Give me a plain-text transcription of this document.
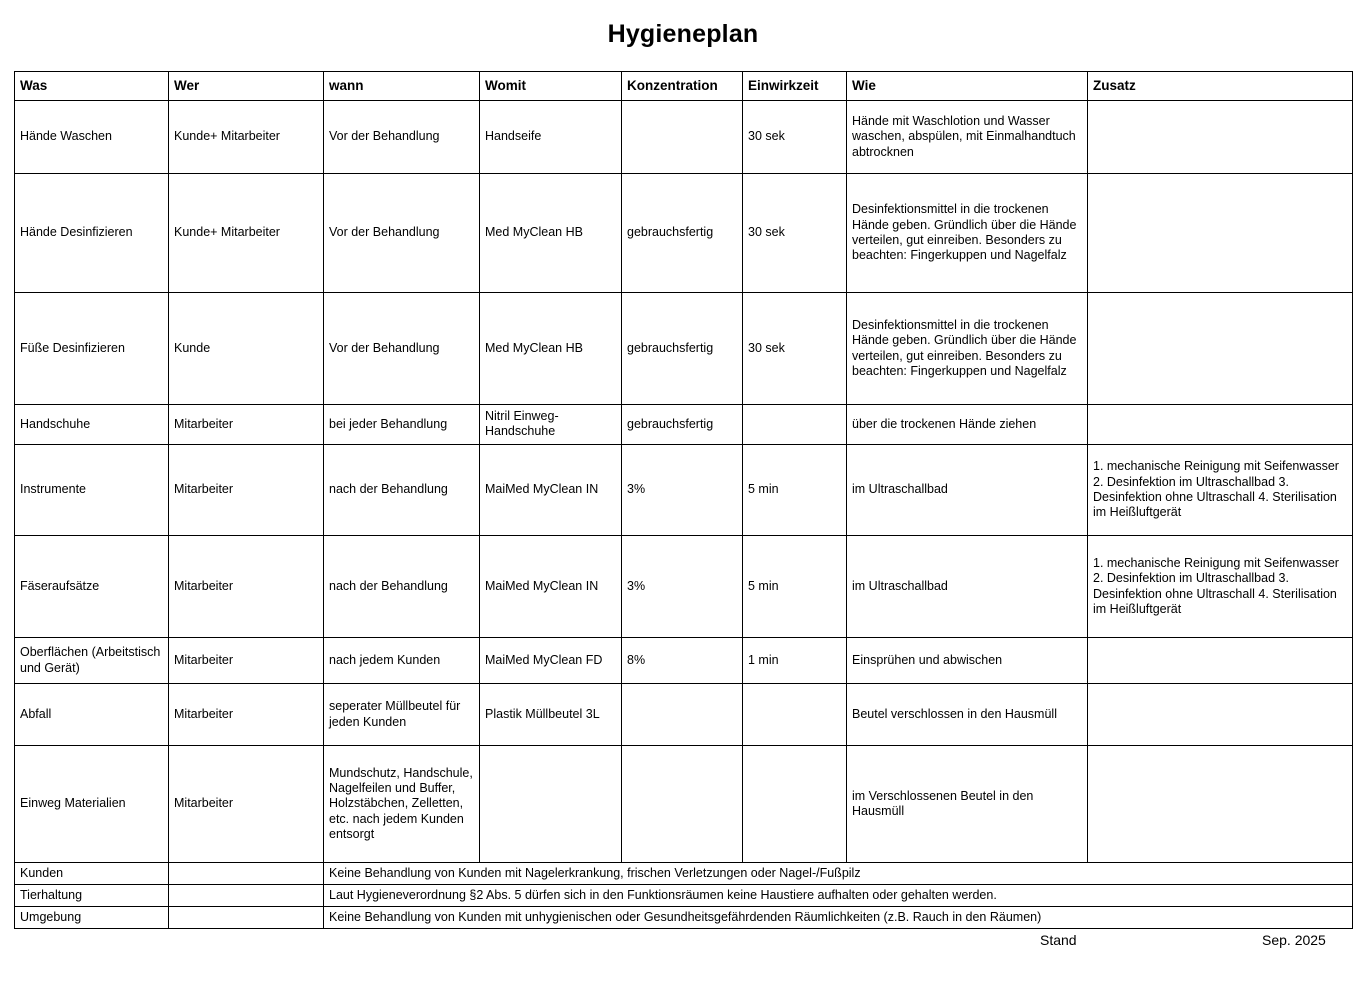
Hygieneplan
Was	Wer	wann	Womit	Konzentration	Einwirkzeit	Wie	Zusatz
Hände Waschen	Kunde+ Mitarbeiter	Vor der Behandlung	Handseife		30 sek	Hände mit Waschlotion und Wasser waschen, abspülen, mit Einmalhandtuch abtrocknen	
Hände Desinfizieren	Kunde+ Mitarbeiter	Vor der Behandlung	Med MyClean HB	gebrauchsfertig	30 sek	Desinfektionsmittel in die trockenen Hände geben. Gründlich über die Hände verteilen, gut einreiben. Besonders zu beachten: Fingerkuppen und Nagelfalz	
Füße Desinfizieren	Kunde	Vor der Behandlung	Med MyClean HB	gebrauchsfertig	30 sek	Desinfektionsmittel in die trockenen Hände geben. Gründlich über die Hände verteilen, gut einreiben. Besonders zu beachten: Fingerkuppen und Nagelfalz	
Handschuhe	Mitarbeiter	bei jeder Behandlung	Nitril Einweg-Handschuhe	gebrauchsfertig		über die trockenen Hände ziehen	
Instrumente	Mitarbeiter	nach der Behandlung	MaiMed MyClean IN	3%	5 min	im Ultraschallbad	1. mechanische Reinigung mit Seifenwasser 2. Desinfektion im Ultraschallbad 3. Desinfektion ohne Ultraschall 4. Sterilisation im Heißluftgerät
Fäseraufsätze	Mitarbeiter	nach der Behandlung	MaiMed MyClean IN	3%	5 min	im Ultraschallbad	1. mechanische Reinigung mit Seifenwasser 2. Desinfektion im Ultraschallbad 3. Desinfektion ohne Ultraschall 4. Sterilisation im Heißluftgerät
Oberflächen (Arbeitstisch und Gerät)	Mitarbeiter	nach jedem Kunden	MaiMed MyClean FD	8%	1 min	Einsprühen und abwischen	
Abfall	Mitarbeiter	seperater Müllbeutel für jeden Kunden	Plastik Müllbeutel 3L			Beutel verschlossen in den Hausmüll	
Einweg Materialien	Mitarbeiter	Mundschutz, Handschule, Nagelfeilen und Buffer, Holzstäbchen, Zelletten, etc. nach jedem Kunden entsorgt				im Verschlossenen Beutel in den Hausmüll	
Kunden		Keine Behandlung von Kunden mit Nagelerkrankung, frischen Verletzungen oder Nagel-/Fußpilz					
Tierhaltung		Laut Hygieneverordnung §2 Abs. 5 dürfen sich in den Funktionsräumen keine Haustiere aufhalten oder gehalten werden.					
Umgebung		Keine Behandlung von Kunden mit unhygienischen oder Gesundheitsgefährdenden Räumlichkeiten (z.B. Rauch in den Räumen)					
Stand	Sep. 2025
